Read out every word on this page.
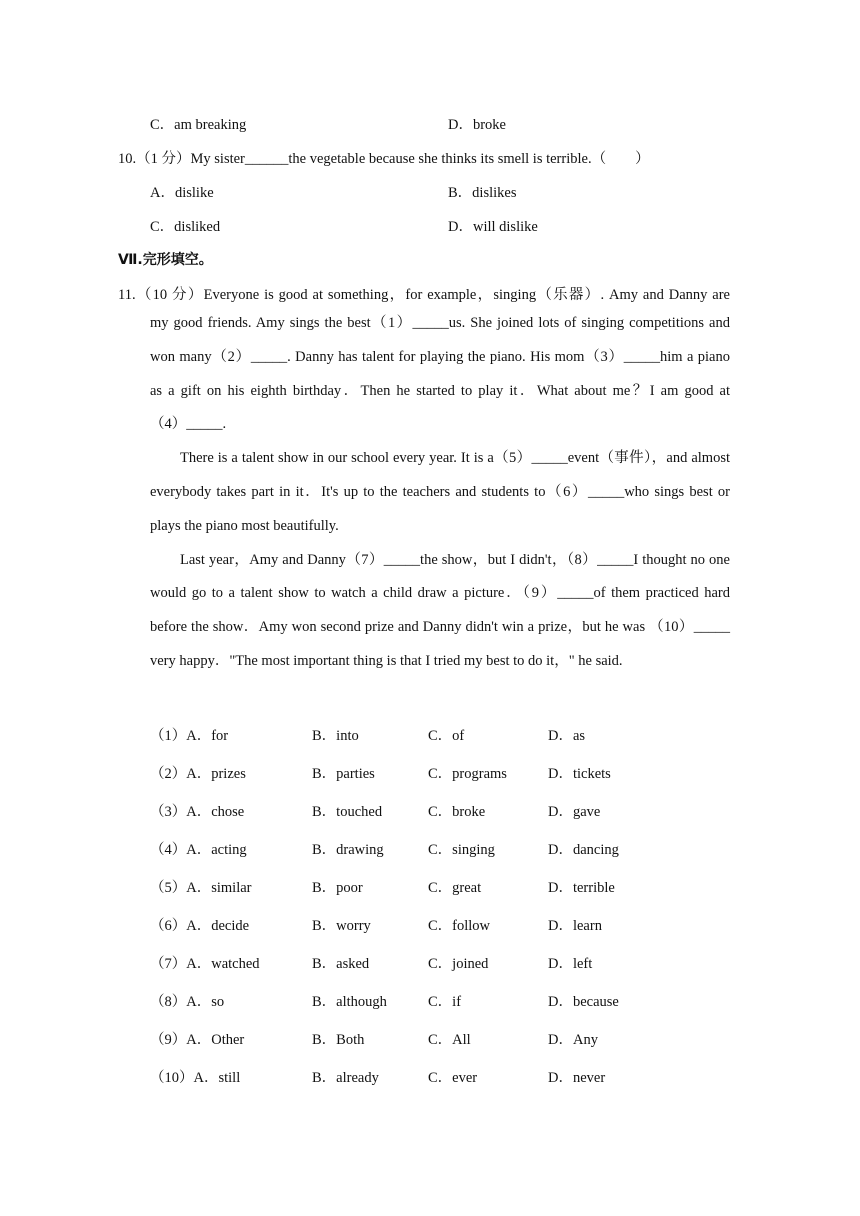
C．am breaking	D．broke
10.（1 分）My sister______the vegetable because she thinks its smell is terrible.（　　）
A．dislike	B．dislikes
C．disliked	D．will dislike
Ⅶ.完形填空。
11.（10 分）Everyone is good at something，for example，singing（乐器）. Amy and Danny are
my good friends. Amy sings the best（1）_____us. She joined lots of singing competitions and
won many（2）_____. Danny has talent for playing the piano. His mom（3）_____him a piano
as a gift on his eighth birthday．Then he started to play it．What about me？I am good at
（4）_____.
There is a talent show in our school every year. It is a（5）_____event（事件），and almost
everybody takes part in it．It's up to the teachers and students to（6）_____who sings best or
plays the piano most beautifully.
Last year，Amy and Danny（7）_____the show，but I didn't，（8）_____I thought no one
would go to a talent show to watch a child draw a picture．（9）_____of them practiced hard
before the show．Amy won second prize and Danny didn't win a prize，but he was （10）_____
very happy．"The most important thing is that I tried my best to do it，" he said.
（1）A．for	B．into	C．of	D．as
（2）A．prizes	B．parties	C．programs	D．tickets
（3）A．chose	B．touched	C．broke	D．gave
（4）A．acting	B．drawing	C．singing	D．dancing
（5）A．similar	B．poor	C．great	D．terrible
（6）A．decide	B．worry	C．follow	D．learn
（7）A．watched	B．asked	C．joined	D．left
（8）A．so	B．although	C．if	D．because
（9）A．Other	B．Both	C．All	D．Any
（10）A．still	B．already	C．ever	D．never
